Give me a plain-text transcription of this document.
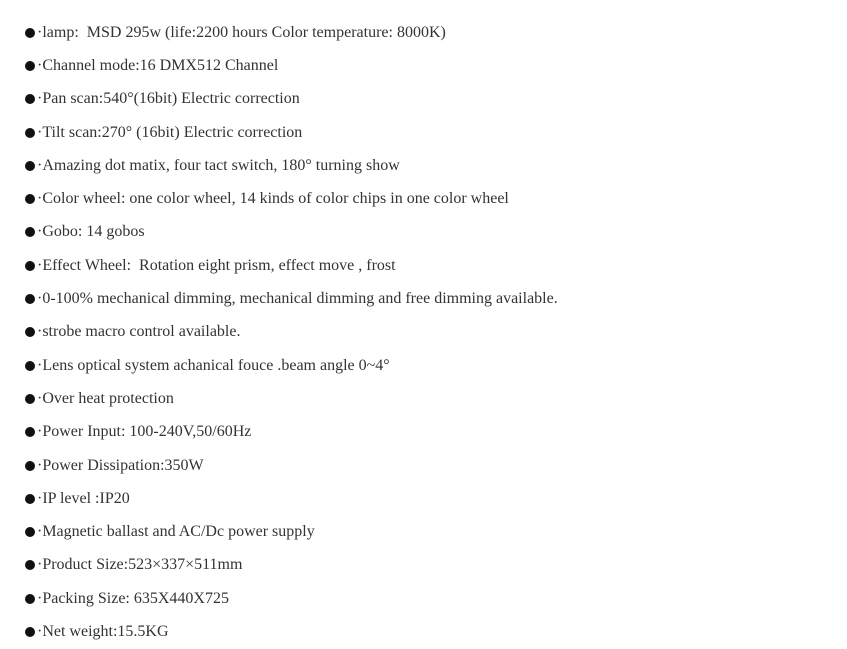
·lamp:  MSD 295w (life:2200 hours Color temperature: 8000K)
·Channel mode:16 DMX512 Channel
·Pan scan:540°(16bit) Electric correction
·Tilt scan:270° (16bit) Electric correction
·Amazing dot matix, four tact switch, 180° turning show
·Color wheel: one color wheel, 14 kinds of color chips in one color wheel
·Gobo: 14 gobos
·Effect Wheel:  Rotation eight prism, effect move , frost
·0-100% mechanical dimming, mechanical dimming and free dimming available.
·strobe macro control available.
·Lens optical system achanical fouce .beam angle 0~4°
·Over heat protection
·Power Input: 100-240V,50/60Hz
·Power Dissipation:350W
·IP level :IP20
·Magnetic ballast and AC/Dc power supply
·Product Size:523×337×511mm
·Packing Size: 635X440X725
·Net weight:15.5KG
